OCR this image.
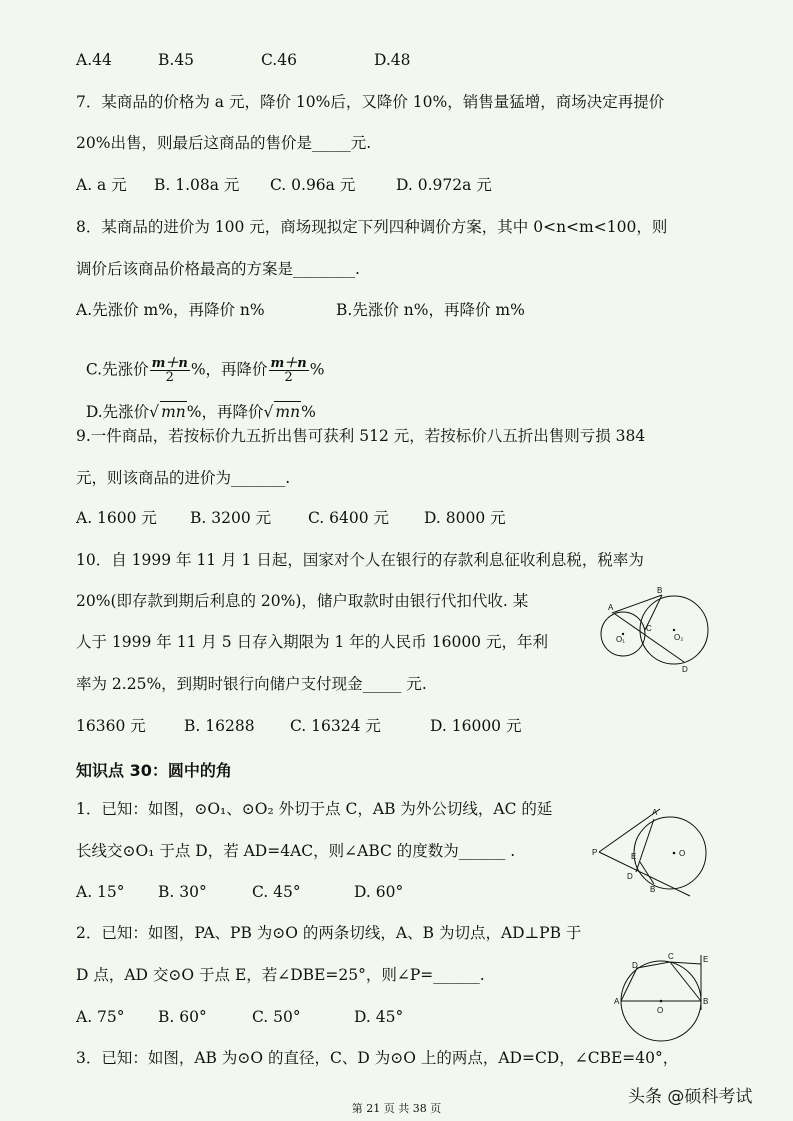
A.44	B.45	C.46	D.48
7．某商品的价格为 a 元，降价 10%后，又降价 10%，销售量猛增，商场决定再提价
20%出售，则最后这商品的售价是_____元.
A. a 元 B. 1.08a 元 C. 0.96a 元	D. 0.972a 元
8．某商品的进价为 100 元，商场现拟定下列四种调价方案，其中 0<n<m<100，则
调价后该商品价格最高的方案是________.
A.先涨价 m%，再降价 n%	B.先涨价 n%，再降价 m%

C.先涨价 $\frac{m+n}{2}$ %，再降价 $\frac{m+n}{2}$ %

D.先涨价√ mn%，再降价√ mn%

9.一件商品，若按标价九五折出售可获利 512 元，若按标价八五折出售则亏损 384
元，则该商品的进价为_______.
A. 1600 元 B. 3200 元 C. 6400 元 D. 8000 元
10．自 1999 年 11 月 1 日起，国家对个人在银行的存款利息征收利息税，税率为
20%(即存款到期后利息的 20%)，储户取款时由银行代扣代收. 某
人于 1999 年 11 月 5 日存入期限为 1 年的人民币 16000 元，年利
率为 2.25%，到期时银行向储户支付现金_____ 元.
16360 元 B. 16288 C. 16324 元	D. 16000 元
A
B
C
D
O₁	O₂
知识点 30：圆中的角
1．已知：如图，⊙O₁、⊙O₂ 外切于点 C，AB 为外公切线，AC 的延
长线交⊙O₁ 于点 D，若 AD=4AC，则∠ABC 的度数为______ .
A. 15° B. 30°	C. 45°	D. 60°
A
B
P	E
D
O
2．已知：如图，PA、PB 为⊙O 的两条切线，A、B 为切点，AD⊥PB 于
D 点，AD 交⊙O 于点 E，若∠DBE=25°，则∠P=______.
A. 75° B. 60°	C. 50°	D. 45°
A	B
C
D
E
O
3．已知：如图，AB 为⊙O 的直径，C、D 为⊙O 上的两点，AD=CD，∠CBE=40°，
第 21 页 共 38 页
头条 @硕科考试
